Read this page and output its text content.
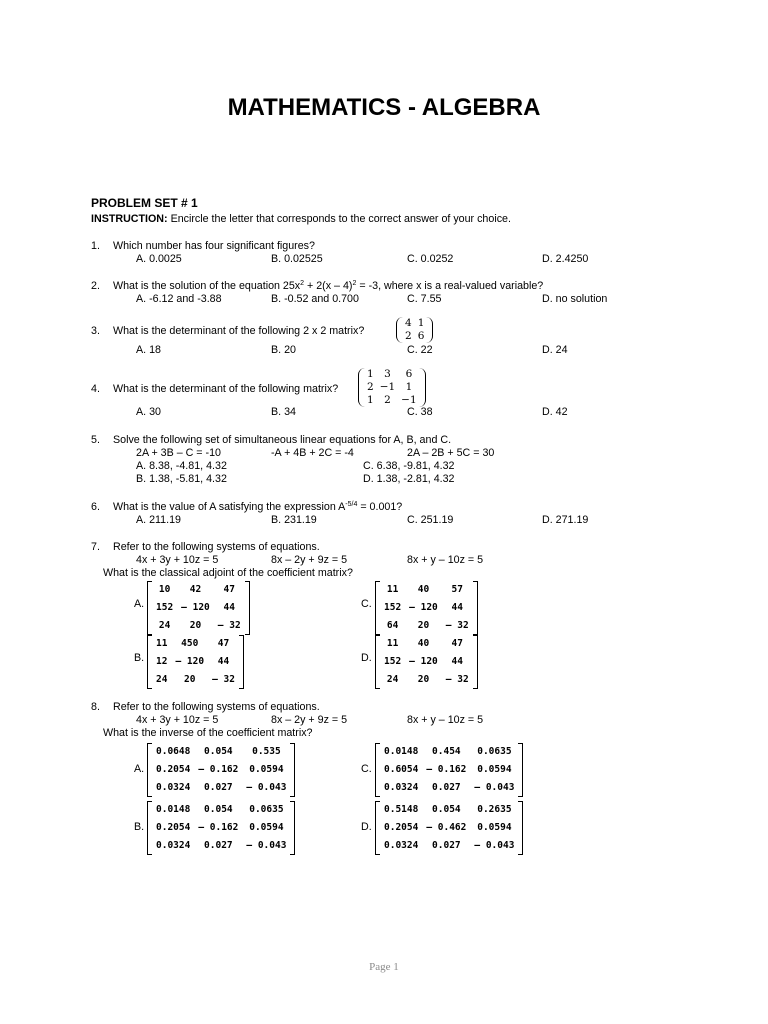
MATHEMATICS - ALGEBRA
PROBLEM SET # 1
INSTRUCTION: Encircle the letter that corresponds to the correct answer of your choice.
1. Which number has four significant figures?
A. 0.0025	B. 0.02525	C. 0.0252	D. 2.4250
2. What is the solution of the equation $25x^2 + 2(x - 4)^2 = -3$, where x is a real-valued variable?
A. -6.12 and -3.88	B. -0.52 and 0.700	C. 7.55	D. no solution
3. What is the determinant of the following 2 x 2 matrix?
4 1
2 6
A. 18	B. 20	C. 22	D. 24
4. What is the determinant of the following matrix?
1 3	6
2 −1 1
1 2 −1
A. 30	B. 34	C. 38	D. 42
5. Solve the following set of simultaneous linear equations for A, B, and C.
2A + 3B – C = -10	-A + 4B + 2C = -4	2A – 2B + 5C = 30
A. 8.38, -4.81, 4.32	C. 6.38, -9.81, 4.32
B. 1.38, -5.81, 4.32	D. 1.38, -2.81, 4.32
6. What is the value of A satisfying the expression $A^{-5/4} = 0.001$?
A. 211.19	B. 231.19	C. 251.19	D. 271.19
7. Refer to the following systems of equations.
4x + 3y + 10z = 5	8x – 2y + 9z = 5	8x + y – 10z = 5
What is the classical adjoint of the coefficient matrix?
A.
10	42	47
152 – 120	44
24	20	– 32
C.
11	40	57
152 – 120	44
64	20	– 32
B.
11	450	47
12 – 120	44
24	20	– 32
D.
11	40	47
152 – 120	44
24	20	– 32
8. Refer to the following systems of equations.
4x + 3y + 10z = 5	8x – 2y + 9z = 5	8x + y – 10z = 5
What is the inverse of the coefficient matrix?
A.
0.0648	0.054	0.535
0.2054 – 0.162	0.0594
0.0324	0.027	– 0.043
C.
0.0148	0.454	0.0635
0.6054 – 0.162	0.0594
0.0324	0.027	– 0.043
B.
0.0148	0.054	0.0635
0.2054 – 0.162	0.0594
0.0324	0.027	– 0.043
D.
0.5148	0.054	0.2635
0.2054 – 0.462	0.0594
0.0324	0.027	– 0.043
Page 1
